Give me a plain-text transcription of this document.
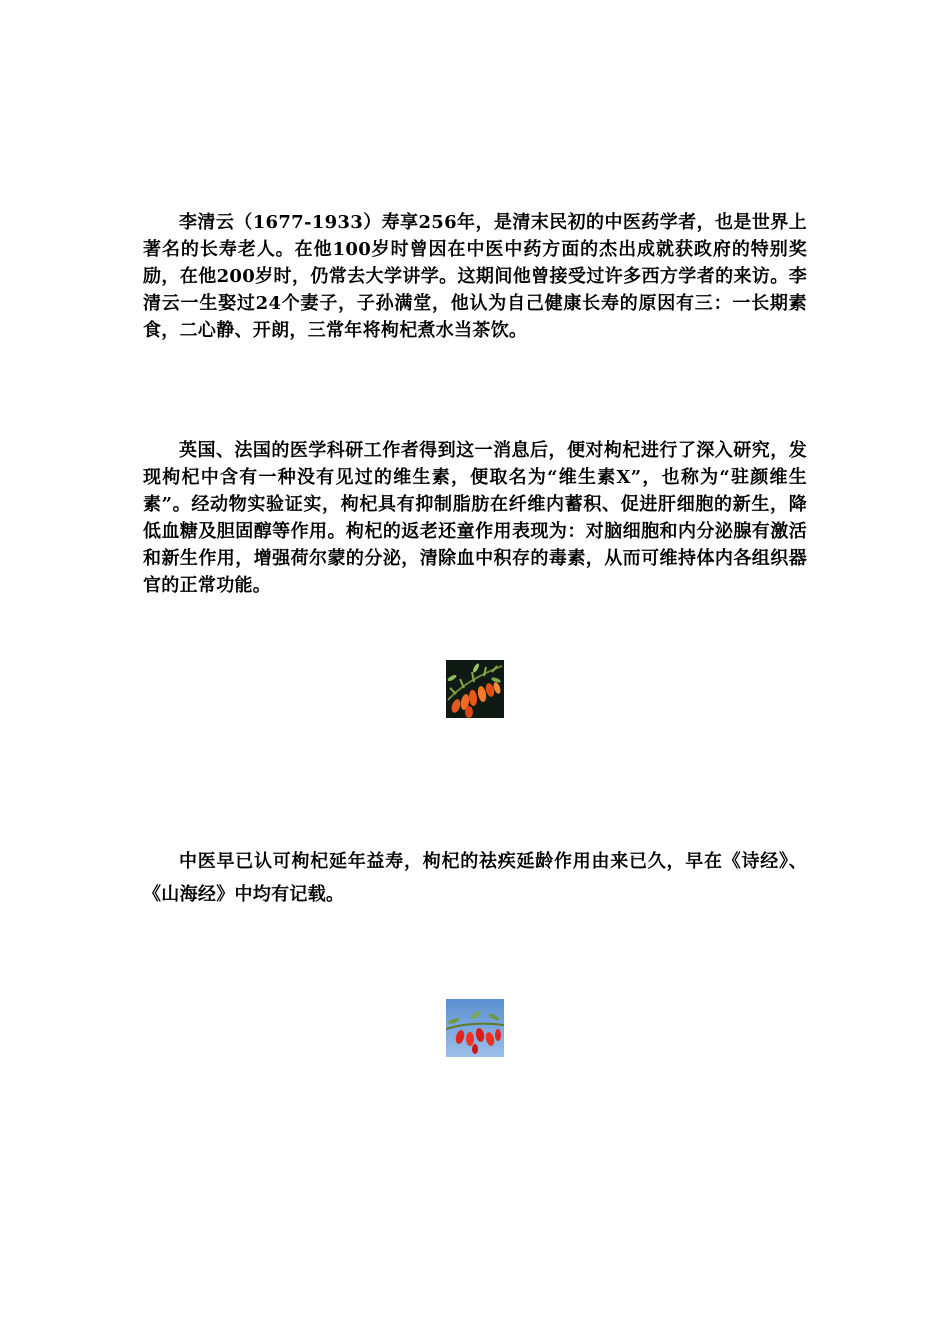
李清云（1677-1933）寿享256年，是清末民初的中医药学者，也是世界上著名的长寿老人。在他100岁时曾因在中医中药方面的杰出成就获政府的特别奖励，在他200岁时，仍常去大学讲学。这期间他曾接受过许多西方学者的来访。李清云一生娶过24个妻子，子孙满堂，他认为自己健康长寿的原因有三：一长期素食，二心静、开朗，三常年将枸杞煮水当茶饮。

英国、法国的医学科研工作者得到这一消息后，便对枸杞进行了深入研究，发现枸杞中含有一种没有见过的维生素，便取名为“维生素X”，也称为“驻颜维生素”。经动物实验证实，枸杞具有抑制脂肪在纤维内蓄积、促进肝细胞的新生，降低血糖及胆固醇等作用。枸杞的返老还童作用表现为：对脑细胞和内分泌腺有激活和新生作用，增强荷尔蒙的分泌，清除血中积存的毒素，从而可维持体内各组织器官的正常功能。

中医早已认可枸杞延年益寿，枸杞的祛疾延龄作用由来已久，早在《诗经》、《山海经》中均有记载。
